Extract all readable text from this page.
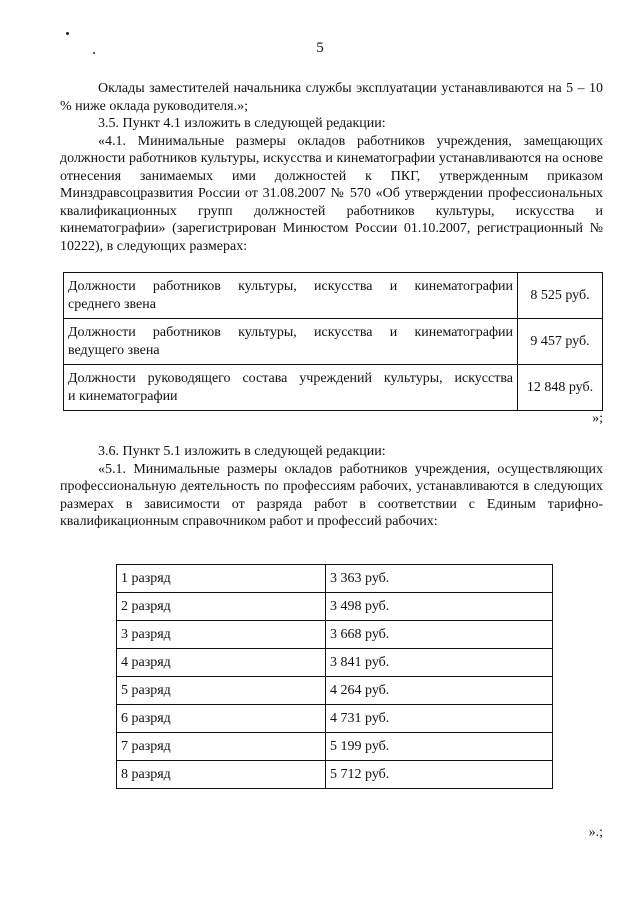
5

Оклады заместителей начальника службы эксплуатации устанавливаются на 5 – 10 % ниже оклада руководителя.»;

3.5. Пункт 4.1 изложить в следующей редакции:

«4.1. Минимальные размеры окладов работников учреждения, замещающих должности работников культуры, искусства и кинематографии устанавливаются на основе отнесения занимаемых ими должностей к ПКГ, утвержденным приказом Минздравсоцразвития России от 31.08.2007 № 570 «Об утверждении профессиональных квалификационных групп должностей работников культуры, искусства и кинематографии» (зарегистрирован Минюстом России 01.10.2007, регистрационный № 10222), в следующих размерах:

Должности работников культуры, искусства и кинематографии
среднего звена	8 525 руб.

Должности работников культуры, искусства и кинематографии
ведущего звена	9 457 руб.

Должности руководящего состава учреждений культуры, искусства
и кинематографии	12 848 руб.
»;

3.6. Пункт 5.1 изложить в следующей редакции:

«5.1. Минимальные размеры окладов работников учреждения, осуществляющих профессиональную деятельность по профессиям рабочих, устанавливаются в следующих размерах в зависимости от разряда работ в соответствии с Единым тарифно-квалификационным справочником работ и профессий рабочих:

1 разряд	3 363 руб.
2 разряд	3 498 руб.
3 разряд	3 668 руб.
4 разряд	3 841 руб.
5 разряд	4 264 руб.
6 разряд	4 731 руб.
7 разряд	5 199 руб.
8 разряд	5 712 руб.
».;
